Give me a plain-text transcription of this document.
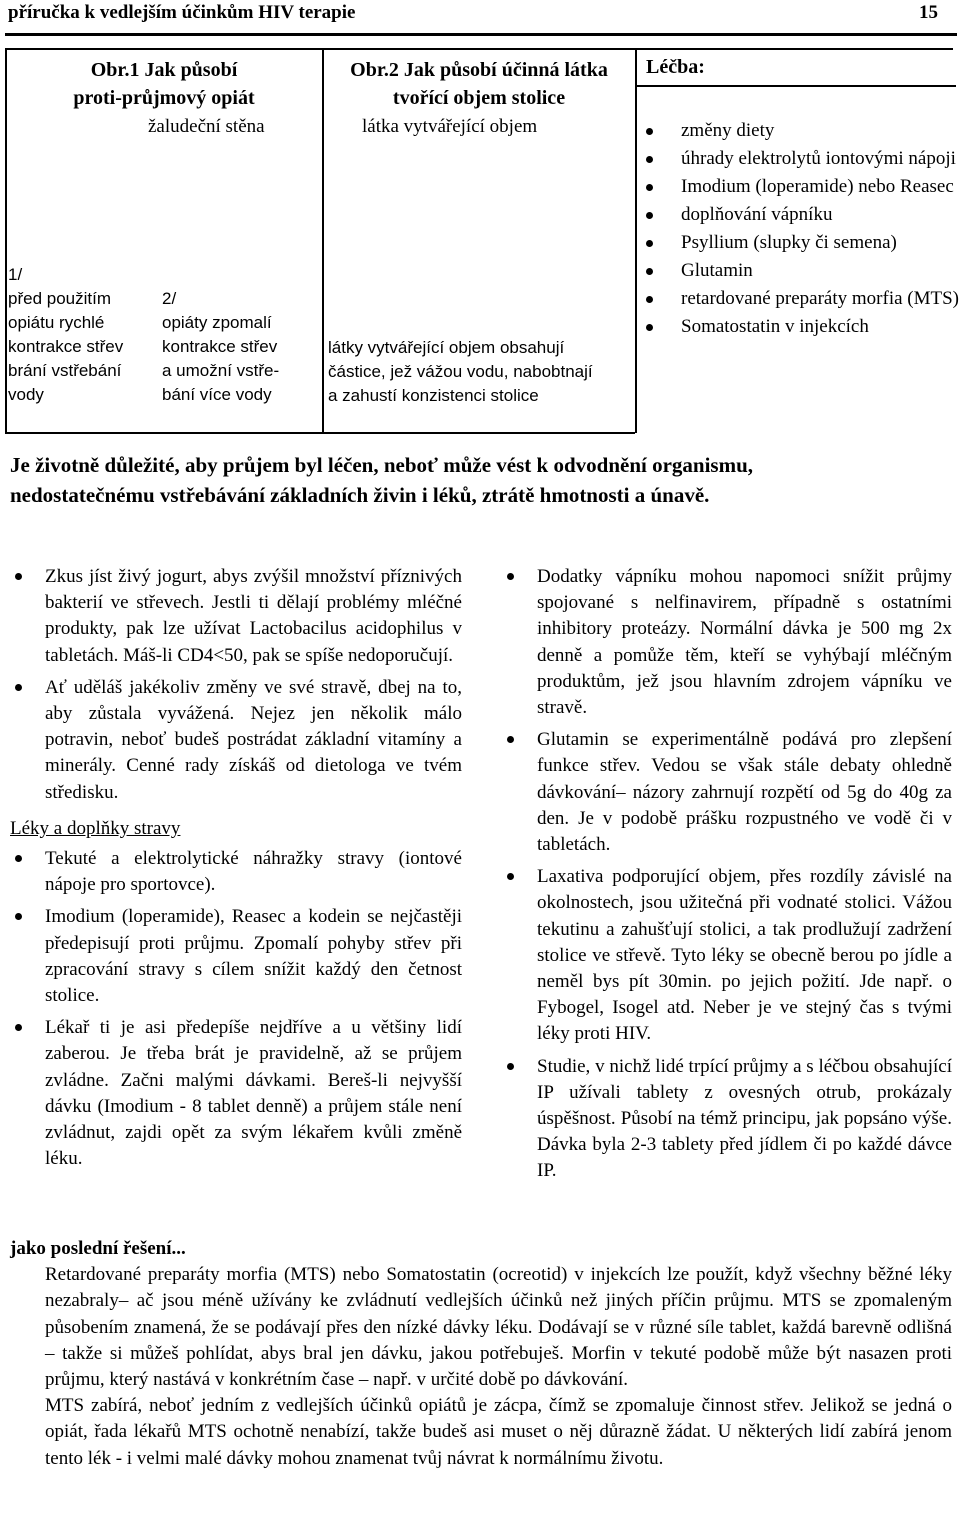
příručka k vedlejším účinkům HIV terapie	15
Obr.1 Jak působí
proti-průjmový opiát
žaludeční stěna
1/
před použitím
opiátu rychlé
kontrakce střev
brání vstřebání
vody
2/
opiáty zpomalí
kontrakce střev
a umožní vstře-
bání více vody
Obr.2 Jak působí účinná látka
tvořící objem stolice
látka vytvářející objem
látky vytvářející objem obsahují
částice, jež vážou vodu, nabobtnají
a zahustí konzistenci stolice
Léčba:
změny diety
úhrady elektrolytů iontovými nápoji
Imodium (loperamide) nebo Reasec
doplňování vápníku
Psyllium (slupky či semena)
Glutamin
retardované preparáty morfia (MTS)
Somatostatin v injekcích
Je životně důležité, aby průjem byl léčen, neboť může vést k odvodnění organismu, nedostatečnému vstřebávání základních živin i léků, ztrátě hmotnosti a únavě.
Zkus jíst živý jogurt, abys zvýšil množství příznivých bakterií ve střevech. Jestli ti dělají problémy mléčné produkty, pak lze užívat Lactobacilus acidophilus v tabletách. Máš-li CD4<50, pak se spíše nedoporučují.
Ať uděláš jakékoliv změny ve své stravě, dbej na to, aby zůstala vyvážená. Nejez jen několik málo potravin, neboť budeš postrádat základní vitamíny a minerály. Cenné rady získáš od dietologa ve tvém středisku.
Léky a doplňky stravy
Tekuté a elektrolytické náhražky stravy (iontové nápoje pro sportovce).
Imodium (loperamide), Reasec a kodein se nejčastěji předepisují proti průjmu. Zpomalí pohyby střev při zpracování stravy s cílem snížit každý den četnost stolice.
Lékař ti je asi předepíše nejdříve a u většiny lidí zaberou. Je třeba brát je pravidelně, až se průjem zvládne. Začni malými dávkami. Bereš-li nejvyšší dávku (Imodium - 8 tablet denně) a průjem stále není zvládnut, zajdi opět za svým lékařem kvůli změně léku.
Dodatky vápníku mohou napomoci snížit průjmy spojované s nelfinavirem, případně s ostatními inhibitory proteázy. Normální dávka je 500 mg 2x denně a pomůže těm, kteří se vyhýbají mléčným produktům, jež jsou hlavním zdrojem vápníku ve stravě.
Glutamin se experimentálně podává pro zlepšení funkce střev. Vedou se však stále debaty ohledně dávkování– názory zahrnují rozpětí od 5g do 40g za den. Je v podobě prášku rozpustného ve vodě či v tabletách.
Laxativa podporující objem, přes rozdíly závislé na okolnostech, jsou užitečná při vodnaté stolici. Vážou tekutinu a zahušťují stolici, a tak prodlužují zadržení stolice ve střevě. Tyto léky se obecně berou po jídle a neměl bys pít 30min. po jejich požití. Jde např. o Fybogel, Isogel atd. Neber je ve stejný čas s tvými léky proti HIV.
Studie, v nichž lidé trpící průjmy a s léčbou obsahující IP užívali tablety z ovesných otrub, prokázaly úspěšnost. Působí na témž principu, jak popsáno výše. Dávka byla 2-3 tablety před jídlem či po každé dávce IP.

jako poslední řešení...

Retardované preparáty morfia (MTS) nebo Somatostatin (ocreotid) v injekcích lze použít, když všechny běžné léky nezabraly– ač jsou méně užívány ke zvládnutí vedlejších účinků než jiných příčin průjmu. MTS se zpomaleným působením znamená, že se podávají přes den nízké dávky léku. Dodávají se v různé síle tablet, každá barevně odlišná – takže si můžeš pohlídat, abys bral jen dávku, jakou potřebuješ. Morfin v tekuté podobě může být nasazen proti průjmu, který nastává v konkrétním čase – např. v určité době po dávkování.

MTS zabírá, neboť jedním z vedlejších účinků opiátů je zácpa, čímž se zpomaluje činnost střev. Jelikož se jedná o opiát, řada lékařů MTS ochotně nenabízí, takže budeš asi muset o něj důrazně žádat. U některých lidí zabírá jenom tento lék - i velmi malé dávky mohou znamenat tvůj návrat k normálnímu životu.
